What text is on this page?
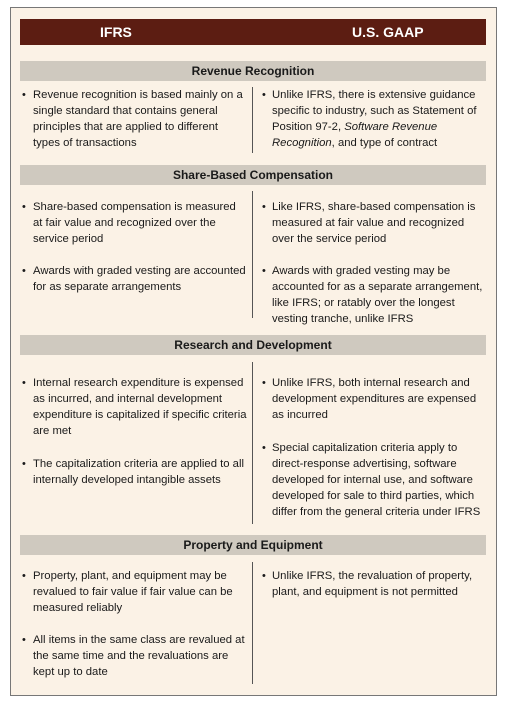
IFRS	U.S. GAAP
Revenue Recognition
• Revenue recognition is based mainly on a single standard that contains general principles that are applied to different types of transactions
• Unlike IFRS, there is extensive guidance specific to industry, such as Statement of Position 97-2, Software Revenue Recognition, and type of contract
Share-Based Compensation
• Share-based compensation is measured at fair value and recognized over the service period
• Awards with graded vesting are accounted for as separate arrangements
• Like IFRS, share-based compensation is measured at fair value and recognized over the service period
• Awards with graded vesting may be accounted for as a separate arrangement, like IFRS; or ratably over the longest vesting tranche, unlike IFRS
Research and Development
• Internal research expenditure is expensed as incurred, and internal development expenditure is capitalized if specific criteria are met
• The capitalization criteria are applied to all internally developed intangible assets
• Unlike IFRS, both internal research and development expenditures are expensed as incurred
• Special capitalization criteria apply to direct-response advertising, software developed for internal use, and software developed for sale to third parties, which differ from the general criteria under IFRS
Property and Equipment
• Property, plant, and equipment may be revalued to fair value if fair value can be measured reliably
• All items in the same class are revalued at the same time and the revaluations are kept up to date
• Unlike IFRS, the revaluation of property, plant, and equipment is not permitted
